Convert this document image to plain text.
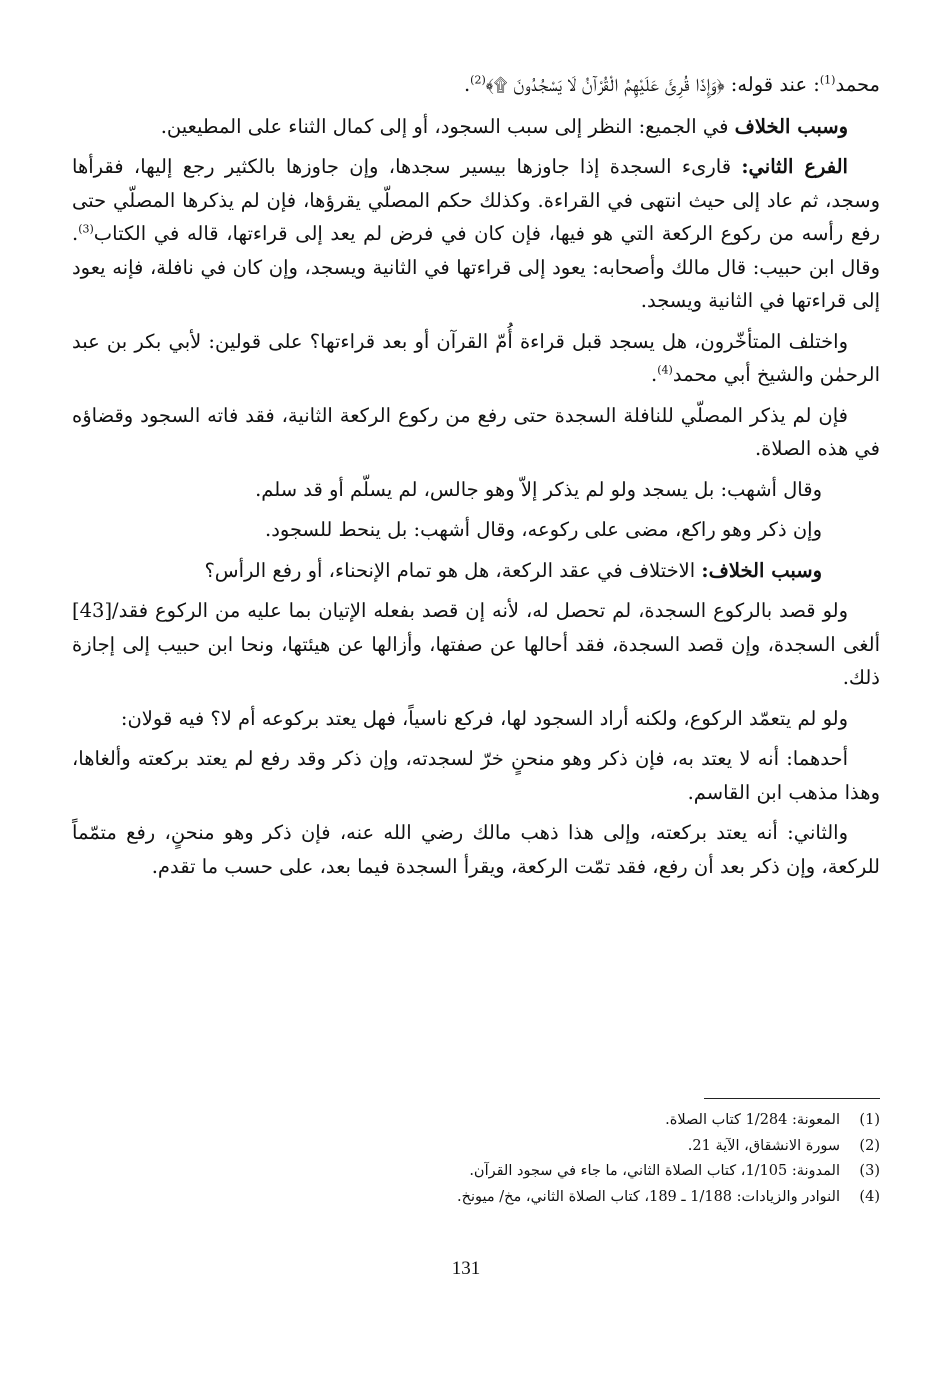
محمد$^{(1)}$: عند قوله: ﴿وَإِذَا قُرِئَ عَلَيْهِمُ الْقُرْآنُ لَا يَسْجُدُونَ ۩﴾$^{(2)}$.

وسبب الخلاف في الجميع: النظر إلى سبب السجود، أو إلى كمال الثناء على المطيعين.

الفرع الثاني: قارىء السجدة إذا جاوزها بيسير سجدها، وإن جاوزها بالكثير رجع إليها، فقرأها وسجد، ثم عاد إلى حيث انتهى في القراءة. وكذلك حكم المصلّي يقرؤها، فإن لم يذكرها المصلّي حتى رفع رأسه من ركوع الركعة التي هو فيها، فإن كان في فرض لم يعد إلى قراءتها، قاله في الكتاب$^{(3)}$. وقال ابن حبيب: قال مالك وأصحابه: يعود إلى قراءتها في الثانية ويسجد، وإن كان في نافلة، فإنه يعود إلى قراءتها في الثانية ويسجد.

واختلف المتأخّرون، هل يسجد قبل قراءة أُمّ القرآن أو بعد قراءتها؟ على قولين: لأبي بكر بن عبد الرحمٰن والشيخ أبي محمد$^{(4)}$.

فإن لم يذكر المصلّي للنافلة السجدة حتى رفع من ركوع الركعة الثانية، فقد فاته السجود وقضاؤه في هذه الصلاة.

وقال أشهب: بل يسجد ولو لم يذكر إلاّ وهو جالس، لم يسلّم أو قد سلم.

وإن ذكر وهو راكع، مضى على ركوعه، وقال أشهب: بل ينحط للسجود.

وسبب الخلاف: الاختلاف في عقد الركعة، هل هو تمام الإنحناء، أو رفع الرأس؟

ولو قصد بالركوع السجدة، لم تحصل له، لأنه إن قصد بفعله الإتيان بما عليه من الركوع فقد/[43] ألغى السجدة، وإن قصد السجدة، فقد أحالها عن صفتها، وأزالها عن هيئتها، ونحا ابن حبيب إلى إجازة ذلك.

ولو لم يتعمّد الركوع، ولكنه أراد السجود لها، فركع ناسياً، فهل يعتد بركوعه أم لا؟ فيه قولان:

أحدهما: أنه لا يعتد به، فإن ذكر وهو منحنٍ خرّ لسجدته، وإن ذكر وقد رفع لم يعتد بركعته وألغاها، وهذا مذهب ابن القاسم.

والثاني: أنه يعتد بركعته، وإلى هذا ذهب مالك رضي الله عنه، فإن ذكر وهو منحنٍ، رفع متمّماً للركعة، وإن ذكر بعد أن رفع، فقد تمّت الركعة، ويقرأ السجدة فيما بعد، على حسب ما تقدم.

(1)المعونة: 1/284 كتاب الصلاة.
(2)سورة الانشقاق، الآية 21.
(3)المدونة: 1/105، كتاب الصلاة الثاني، ما جاء في سجود القرآن.
(4)النوادر والزيادات: 1/188 ـ 189، كتاب الصلاة الثاني، مخ/ ميونخ.
131
